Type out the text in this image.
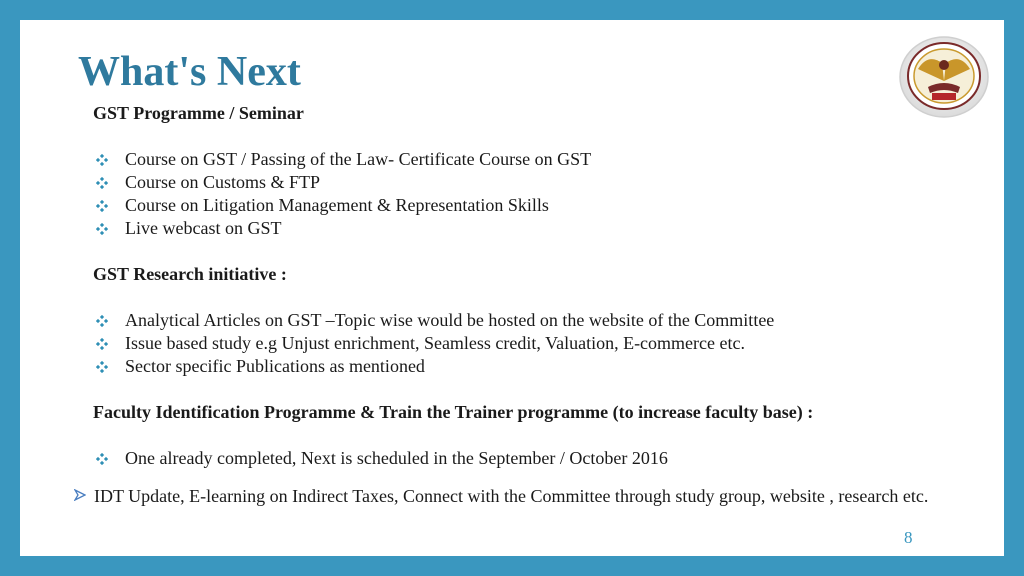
What's Next

GST Programme / Seminar

Course on GST / Passing of the Law- Certificate Course on GST
Course on Customs & FTP
Course on Litigation Management & Representation Skills
Live webcast on GST

GST Research initiative :

Analytical Articles on GST –Topic wise would be hosted on the website of the Committee
Issue based study e.g Unjust enrichment, Seamless credit, Valuation, E-commerce etc.
Sector specific Publications as mentioned

Faculty Identification Programme & Train the Trainer programme (to increase faculty base) :

One already completed, Next is scheduled in the September / October 2016
IDT Update, E-learning on Indirect Taxes, Connect with the Committee through study group, website , research etc.
8
